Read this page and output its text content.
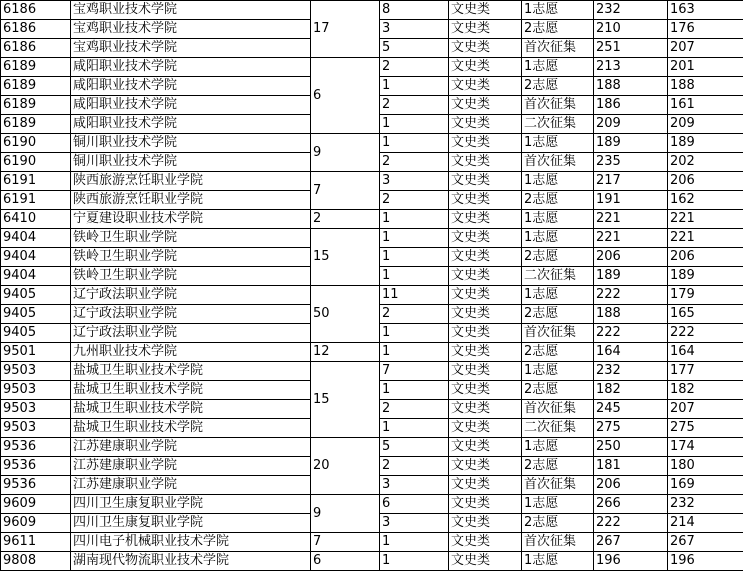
6186	宝鸡职业技术学院	17	8	文史类	1志愿	232	163
6186	宝鸡职业技术学院		3	文史类	2志愿	210	176
6186	宝鸡职业技术学院		5	文史类	首次征集	251	207
6189	咸阳职业技术学院	6	2	文史类	1志愿	213	201
6189	咸阳职业技术学院		1	文史类	2志愿	188	188
6189	咸阳职业技术学院		2	文史类	首次征集	186	161
6189	咸阳职业技术学院		1	文史类	二次征集	209	209
6190	铜川职业技术学院	9	1	文史类	1志愿	189	189
6190	铜川职业技术学院		2	文史类	首次征集	235	202
6191	陕西旅游烹饪职业学院	7	3	文史类	1志愿	217	206
6191	陕西旅游烹饪职业学院		2	文史类	2志愿	191	162
6410	宁夏建设职业技术学院	2	1	文史类	1志愿	221	221
9404	铁岭卫生职业学院	15	1	文史类	1志愿	221	221
9404	铁岭卫生职业学院		1	文史类	2志愿	206	206
9404	铁岭卫生职业学院		1	文史类	二次征集	189	189
9405	辽宁政法职业学院	50	11	文史类	1志愿	222	179
9405	辽宁政法职业学院		2	文史类	2志愿	188	165
9405	辽宁政法职业学院		1	文史类	首次征集	222	222
9501	九州职业技术学院	12	1	文史类	2志愿	164	164
9503	盐城卫生职业技术学院	15	7	文史类	1志愿	232	177
9503	盐城卫生职业技术学院		1	文史类	2志愿	182	182
9503	盐城卫生职业技术学院		2	文史类	首次征集	245	207
9503	盐城卫生职业技术学院		1	文史类	二次征集	275	275
9536	江苏建康职业学院	20	5	文史类	1志愿	250	174
9536	江苏建康职业学院		2	文史类	2志愿	181	180
9536	江苏建康职业学院		3	文史类	首次征集	206	169
9609	四川卫生康复职业学院	9	6	文史类	1志愿	266	232
9609	四川卫生康复职业学院		3	文史类	2志愿	222	214
9611	四川电子机械职业技术学院	7	1	文史类	首次征集	267	267
9808	湖南现代物流职业技术学院	6	1	文史类	1志愿	196	196
